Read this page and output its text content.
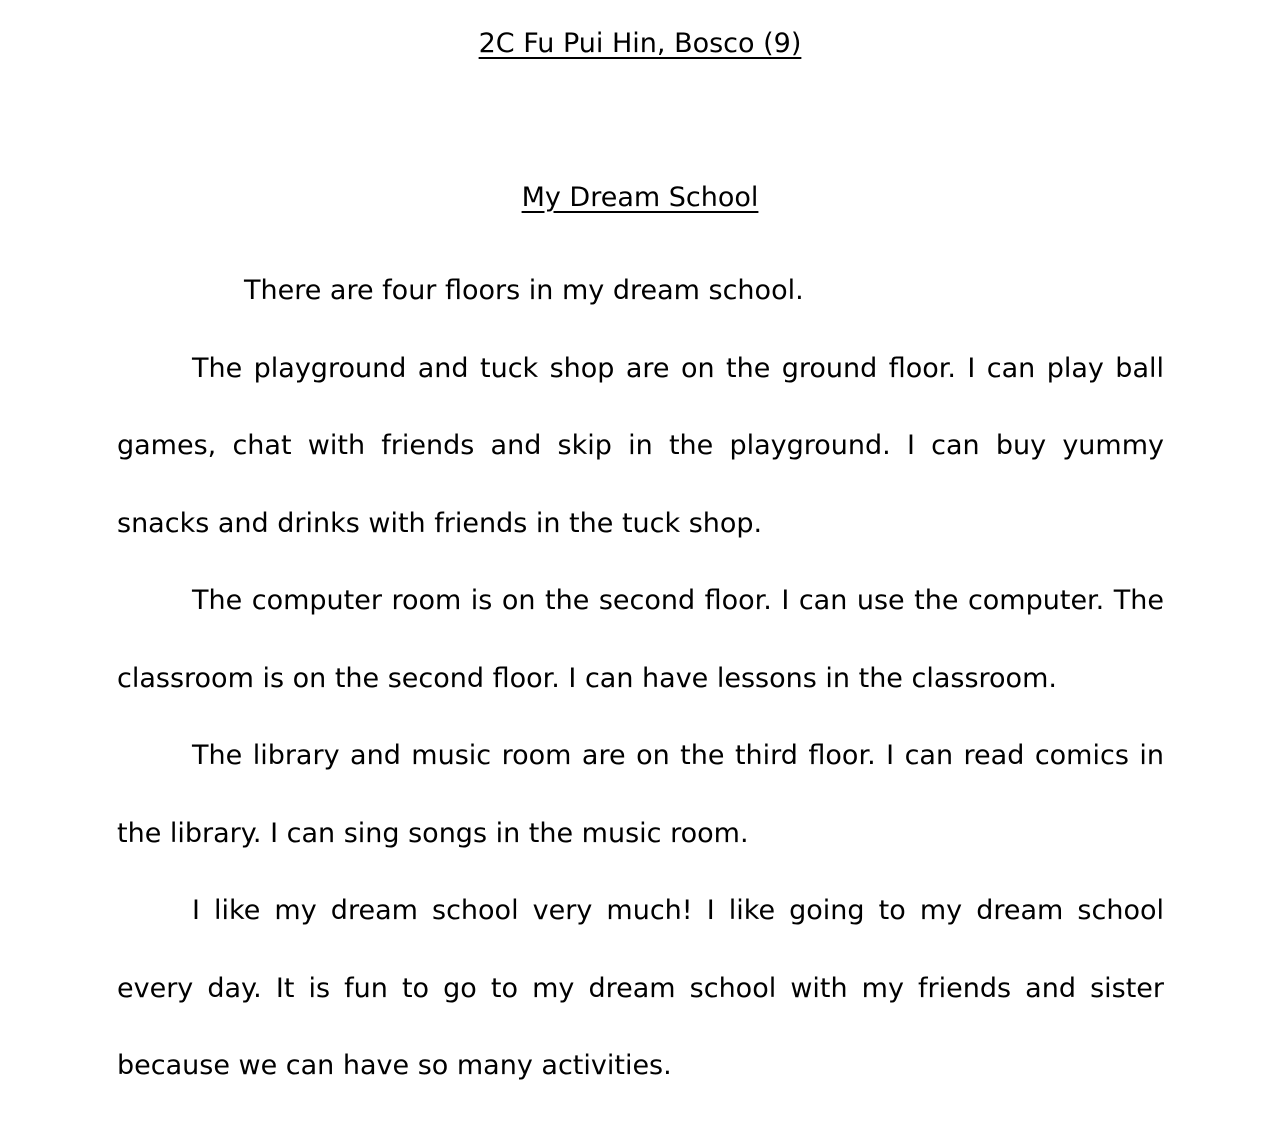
2C Fu Pui Hin, Bosco (9)
My Dream School

There are four floors in my dream school.

The playground and tuck shop are on the ground floor. I can play ball games, chat with friends and skip in the playground. I can buy yummy snacks and drinks with friends in the tuck shop.

The computer room is on the second floor. I can use the computer. The classroom is on the second floor. I can have lessons in the classroom.

The library and music room are on the third floor. I can read comics in the library. I can sing songs in the music room.

I like my dream school very much! I like going to my dream school every day. It is fun to go to my dream school with my friends and sister because we can have so many activities.
